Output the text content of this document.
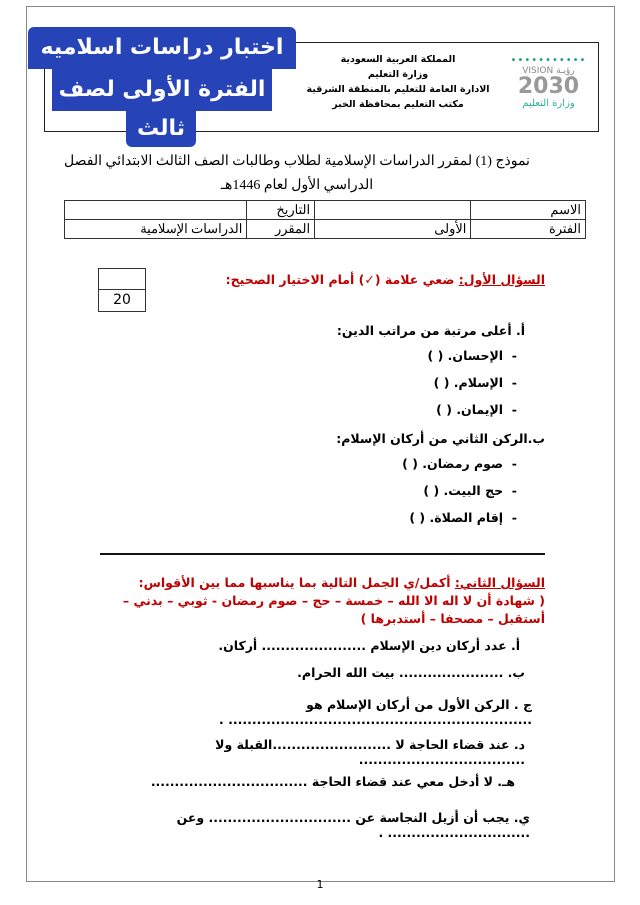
المملكة العربية السعودية
وزارة التعليم
الادارة العامة للتعليم بالمنطقة الشرقية
مكتب التعليم بمحافظة الخبر
•••••••••••
VISION رؤيـة
2030
وزارة التعليم
نموذج (1) لمقرر الدراسات الإسلامية لطلاب وطالبات الصف الثالث الابتدائي الفصل
الدراسي الأول لعام 1446هـ
اختبار دراسات اسلاميه
الفترة الأولى لصف
ثالث
الاسم		التاريخ	
الفترة	الأولى	المقرر	الدراسات الإسلامية
20
السؤال الأول: ضعي علامة (✓) أمام الاختيار الصحيح:
أ. أعلى مرتبة من مراتب الدين:
-  الإحسان. ( )
-  الإسلام. ( )
-  الإيمان. ( )
ب.الركن الثاني من أركان الإسلام:
-  صوم رمضان. ( )
-  حج البيت. ( )
-  إقام الصلاة. ( )
السؤال الثاني: أكمل/ي الجمل التالية بما يناسبها مما بين الأقواس:
( شهادة أن لا اله الا الله – خمسة – حج – صوم رمضان - ثوبي – بدني – أستقبل – مصحفا – أستدبرها )
أ. عدد أركان دين الإسلام ...................... أركان.
ب. ...................... بيت الله الحرام.
ج . الركن الأول من أركان الإسلام هو ................................................................ .
د. عند قضاء الحاجة لا .........................القبلة ولا ...................................
هـ. لا أدخل معي عند قضاء الحاجة .................................
ي. يجب أن أزيل النجاسة عن .............................. وعن .............................. .
1
